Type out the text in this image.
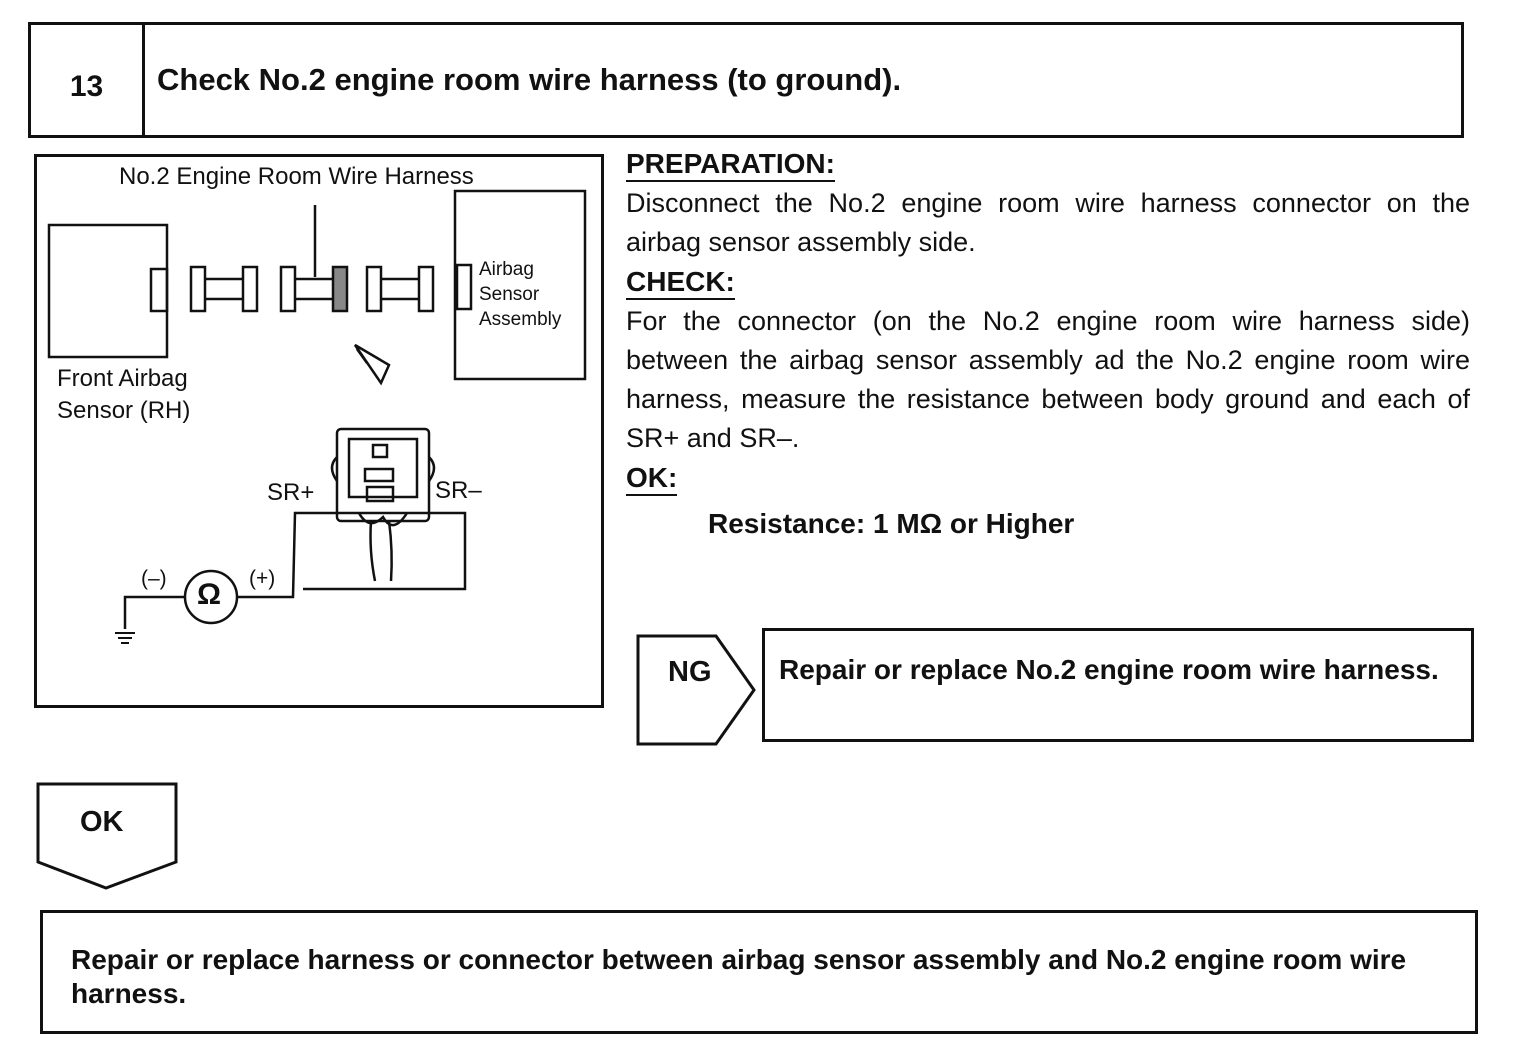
13	Check No.2 engine room wire harness (to ground).
No.2 Engine Room Wire Harness
Front Airbag
Sensor (RH)
Airbag
Sensor
Assembly
SR+	SR–
(–)	(+)
Ω
PREPARATION:

Disconnect the No.2 engine room wire harness connector on the airbag sensor assembly side.

CHECK:

For the connector (on the No.2 engine room wire harness side) between the airbag sensor assembly ad the No.2 engine room wire harness, measure the resistance between body ground and each of SR+ and SR–.

OK:
Resistance: 1 MΩ or Higher
NG	Repair or replace No.2 engine room wire harness.
OK
Repair or replace harness or connector between airbag sensor assembly and No.2 engine room wire harness.
